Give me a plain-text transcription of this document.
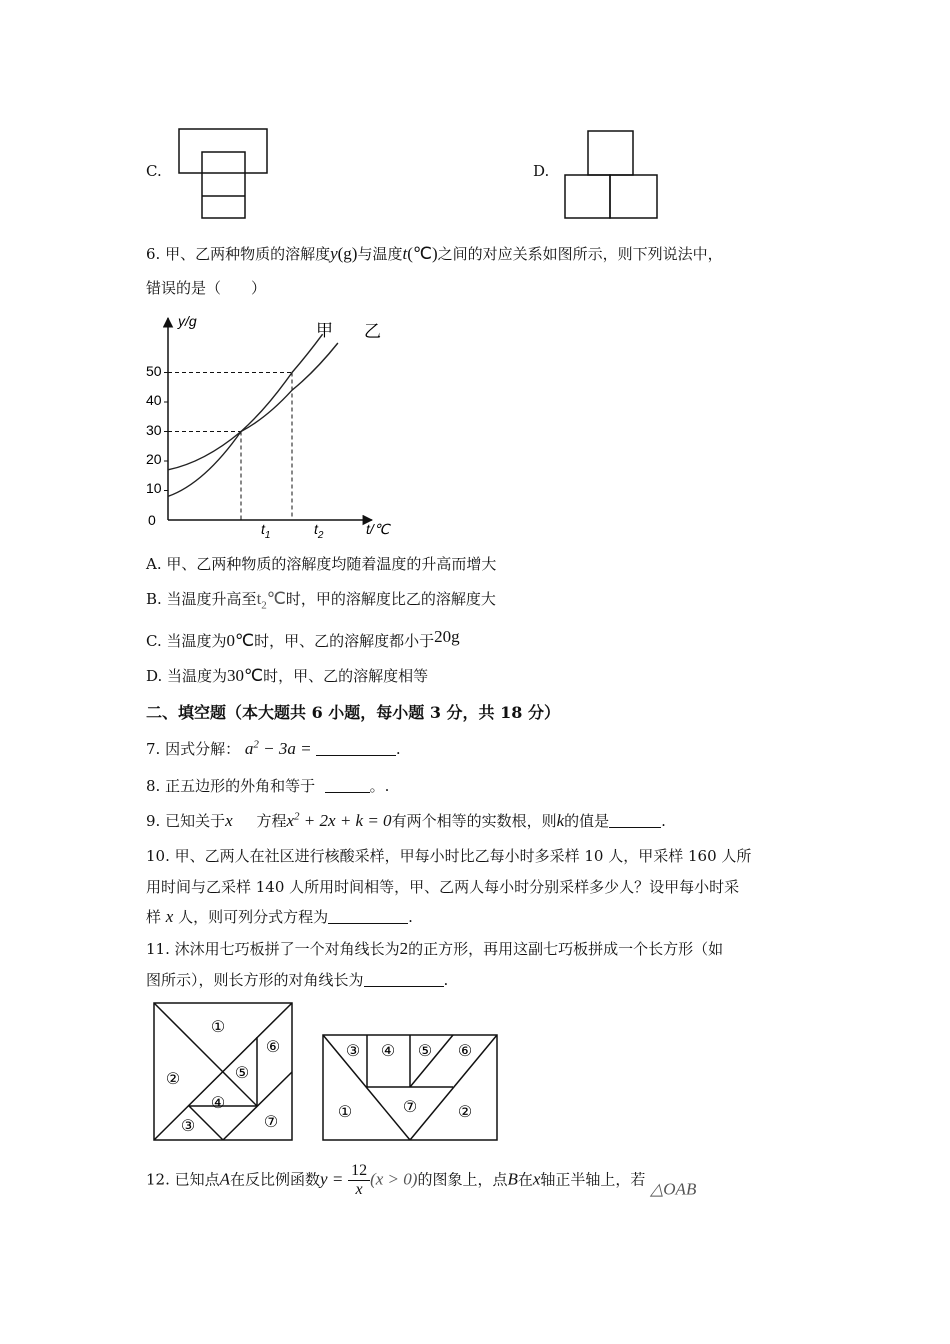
C.	D.
6. 甲、乙两种物质的溶解度y(g)与温度t(℃)之间的对应关系如图所示，则下列说法中，
错误的是（　　）
y/g
t/℃
0
10
20
30
40
50
$t_1$	$t_2$
甲 乙
A. 甲、乙两种物质的溶解度均随着温度的升高而增大
B. 当温度升高至$t_2℃$时，甲的溶解度比乙的溶解度大
C. 当温度为0℃时，甲、乙的溶解度都小于20g
D. 当温度为30℃时，甲、乙的溶解度相等
二、填空题（本大题共 6 小题，每小题 3 分，共 18 分）
7. 因式分解： $a^2 - 3a$ =	.
8. 正五边形的外角和等于	。.
9. 已知关于x 方程$x^2 + 2x + k = 0$有两个相等的实数根，则k的值是	.
10. 甲、乙两人在社区进行核酸采样，甲每小时比乙每小时多采样 10 人，甲采样 160 人所
用时间与乙采样 140 人所用时间相等，甲、乙两人每小时分别采样多少人？设甲每小时采
样 x 人，则可列分式方程为	.
11. 沐沐用七巧板拼了一个对角线长为2的正方形，再用这副七巧板拼成一个长方形（如
图所示），则长方形的对角线长为	.
①
②
③
④
⑤
⑥
⑦
③ ④ ⑤ ⑥
①	⑦	②
12. 已知点A在反比例函数$y = \frac{12}{x} (x > 0)$的图象上，点B在x轴正半轴上，若 △OAB
